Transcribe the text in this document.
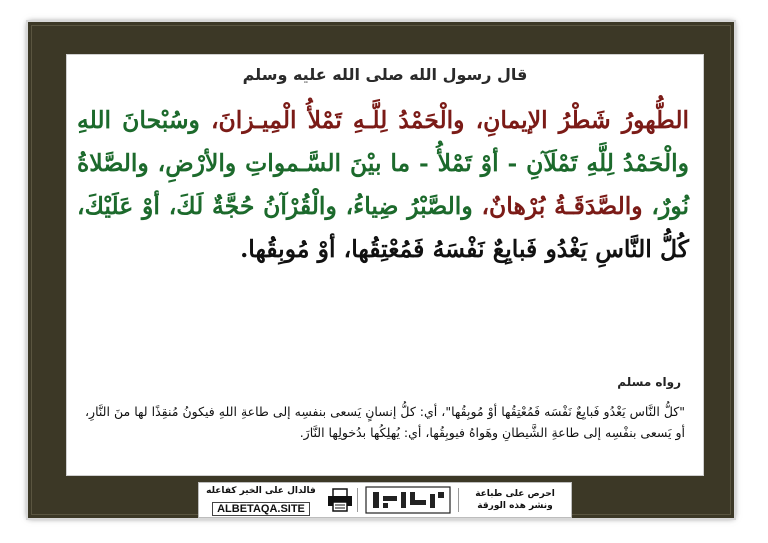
قال رسول الله صلى الله عليه وسلم
الطُّهورُ شَطْرُ الإيمانِ، والْحَمْدُ لِلَّـهِ تَمْلأُ الْمِيـزانَ، وسُبْحانَ اللهِ والْحَمْدُ لِلَّهِ تَمْلَآنِ - أوْ تَمْلأُ - ما بيْنَ السَّـمواتِ والأرْضِ، والصَّلاةُ نُورٌ، والصَّدَقَـةُ بُرْهانٌ، والصَّبْرُ ضِياءُ، والْقُرْآنُ حُجَّةٌ لَكَ، أوْ عَلَيْكَ، كُلُّ النَّاسِ يَغْدُو فَبايِعٌ نَفْسَهُ فَمُعْتِقُها، أوْ مُوبِقُها.
رواه مسلم
"كلُّ النَّاس يَغْدُو فَبايِعٌ نَفْسَه فَمُعْتِقُها أوْ مُوبِقُها"، أي: كلُّ إنسانٍ يَسعى بنفسِه إلى طاعةِ اللهِ فيكونُ مُنقِذًا لها منَ النَّارِ، أو يَسعى بنفْسِه إلى طاعةِ الشَّيطانِ وهَواهُ فيوبِقُها، أي: يُهلِكُها بدُخولِها النَّارَ.
احرص على طباعة
ونشر هذه الورقة
فالدال على الخير كفاعله
ALBETAQA.SITE
